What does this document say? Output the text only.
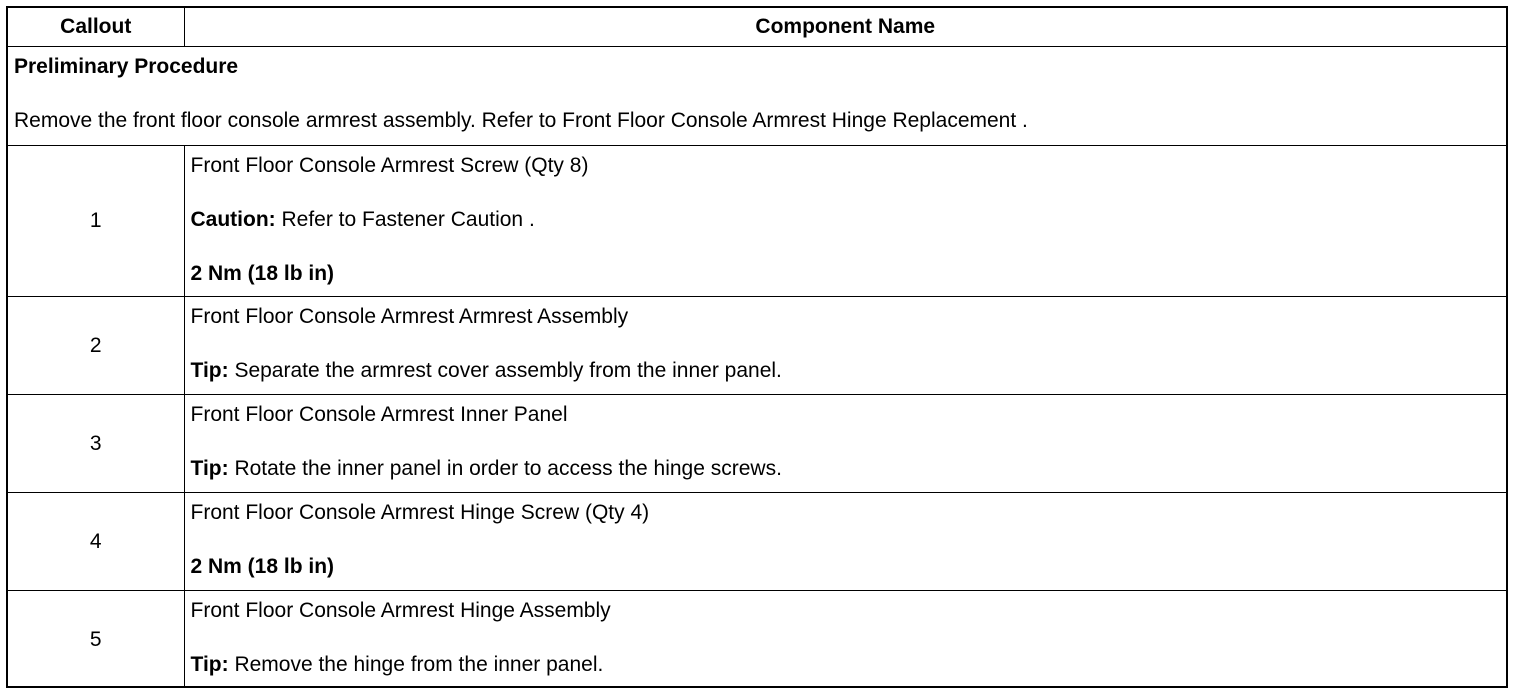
Callout	Component Name

Preliminary Procedure
Remove the front floor console armrest assembly. Refer to Front Floor Console Armrest Hinge Replacement .	

1	Front Floor Console Armrest Screw (Qty 8)
Caution: Refer to Fastener Caution .
2 Nm (18 lb in)

2	Front Floor Console Armrest Armrest Assembly
Tip: Separate the armrest cover assembly from the inner panel.

3	Front Floor Console Armrest Inner Panel
Tip: Rotate the inner panel in order to access the hinge screws.

4	Front Floor Console Armrest Hinge Screw (Qty 4)
2 Nm (18 lb in)

5	Front Floor Console Armrest Hinge Assembly
Tip: Remove the hinge from the inner panel.
